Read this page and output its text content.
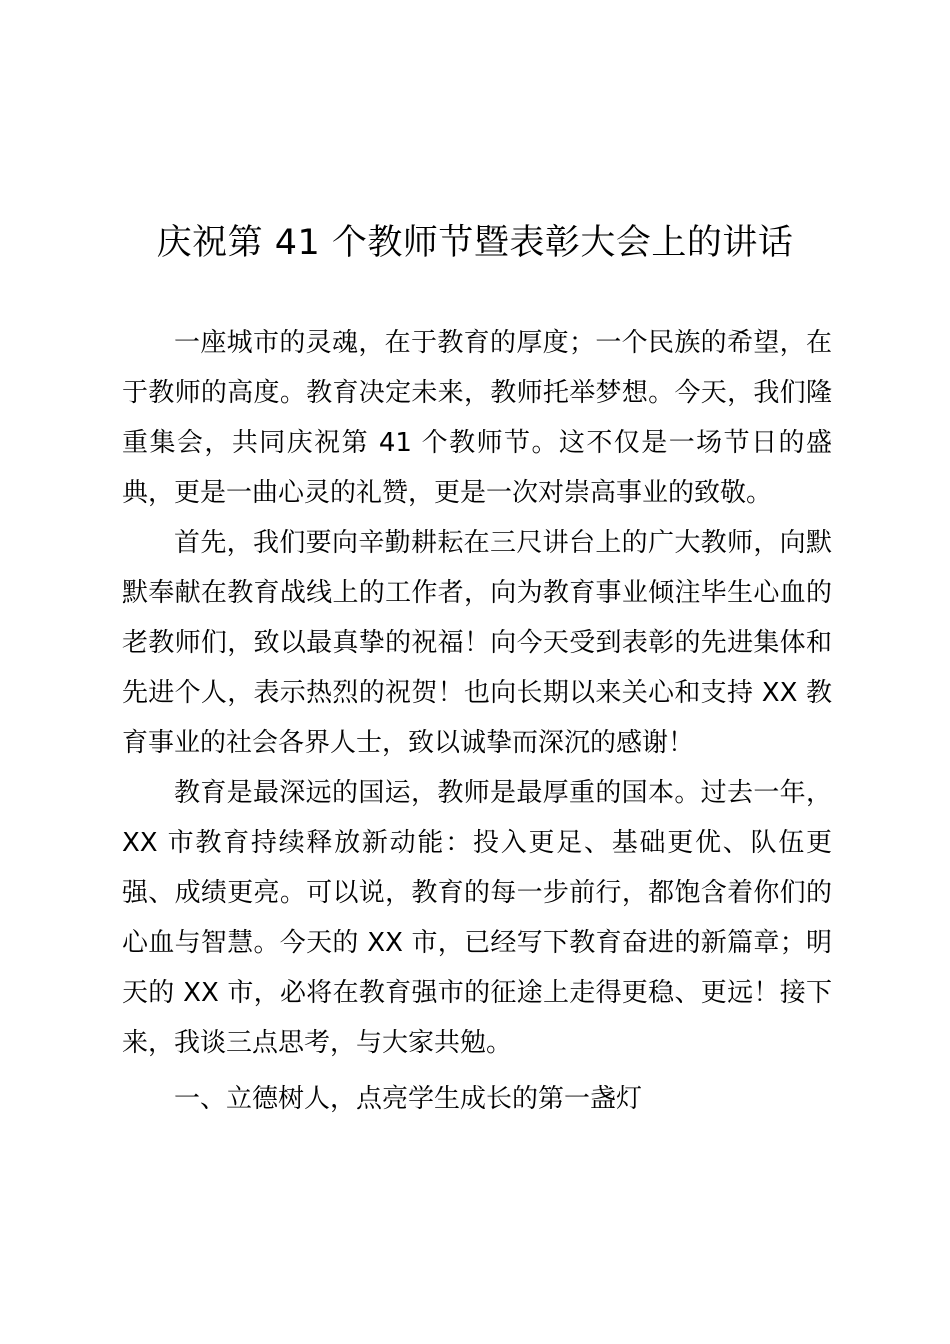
庆祝第 41 个教师节暨表彰大会上的讲话

一座城市的灵魂，在于教育的厚度；一个民族的希望，在于教师的高度。教育决定未来，教师托举梦想。今天，我们隆重集会，共同庆祝第 41 个教师节。这不仅是一场节日的盛典，更是一曲心灵的礼赞，更是一次对崇高事业的致敬。

首先，我们要向辛勤耕耘在三尺讲台上的广大教师，向默默奉献在教育战线上的工作者，向为教育事业倾注毕生心血的老教师们，致以最真挚的祝福！向今天受到表彰的先进集体和先进个人，表示热烈的祝贺！也向长期以来关心和支持 XX 教育事业的社会各界人士，致以诚挚而深沉的感谢！

教育是最深远的国运，教师是最厚重的国本。过去一年，XX 市教育持续释放新动能：投入更足、基础更优、队伍更强、成绩更亮。可以说，教育的每一步前行，都饱含着你们的心血与智慧。今天的 XX 市，已经写下教育奋进的新篇章；明天的 XX 市，必将在教育强市的征途上走得更稳、更远！接下来，我谈三点思考，与大家共勉。

一、立德树人，点亮学生成长的第一盏灯
